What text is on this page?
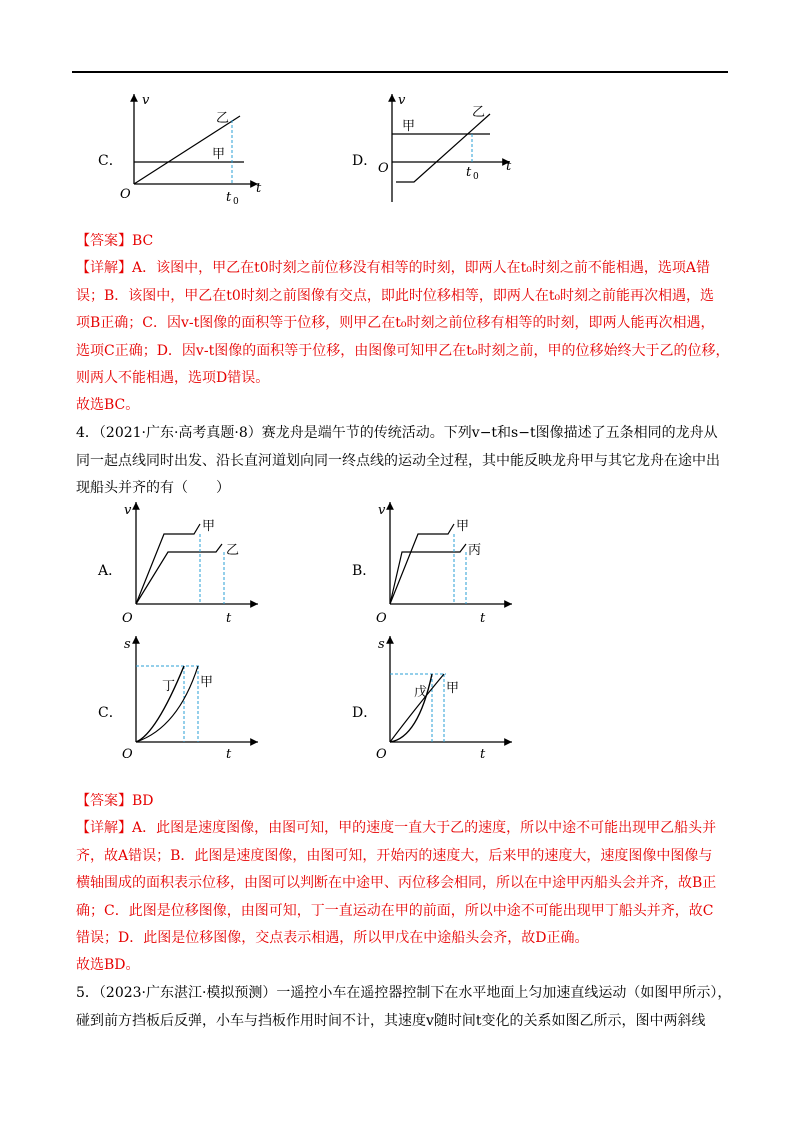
C．
v
t
O	t 0
甲
乙
D．
v
t
O	t 0
甲
乙
【答案】BC
【详解】A．该图中，甲乙在t0时刻之前位移没有相等的时刻，即两人在t₀时刻之前不能相遇，选项A错
误；B．该图中，甲乙在t0时刻之前图像有交点，即此时位移相等，即两人在t₀时刻之前能再次相遇，选
项B正确；C．因v-t图像的面积等于位移，则甲乙在t₀时刻之前位移有相等的时刻，即两人能再次相遇，
选项C正确；D．因v-t图像的面积等于位移，由图像可知甲乙在t₀时刻之前，甲的位移始终大于乙的位移，
则两人不能相遇，选项D错误。
故选BC。
4．（2021·广东·高考真题·8）赛龙舟是端午节的传统活动。下列v−t和s−t图像描述了五条相同的龙舟从
同一起点线同时出发、沿长直河道划向同一终点线的运动全过程，其中能反映龙舟甲与其它龙舟在途中出
现船头并齐的有（　　）
A．
v
t
O
甲
乙
B．
v
t
O
甲
丙
C．
s
t
O
丁 甲
D．
s
t
O
戊 甲
【答案】BD
【详解】A．此图是速度图像，由图可知，甲的速度一直大于乙的速度，所以中途不可能出现甲乙船头并
齐，故A错误；B．此图是速度图像，由图可知，开始丙的速度大，后来甲的速度大，速度图像中图像与
横轴围成的面积表示位移，由图可以判断在中途甲、丙位移会相同，所以在中途甲丙船头会并齐，故B正
确；C．此图是位移图像，由图可知，丁一直运动在甲的前面，所以中途不可能出现甲丁船头并齐，故C
错误；D．此图是位移图像，交点表示相遇，所以甲戊在中途船头会齐，故D正确。
故选BD。
5．（2023·广东湛江·模拟预测）一遥控小车在遥控器控制下在水平地面上匀加速直线运动（如图甲所示），
碰到前方挡板后反弹，小车与挡板作用时间不计，其速度v随时间t变化的关系如图乙所示，图中两斜线
